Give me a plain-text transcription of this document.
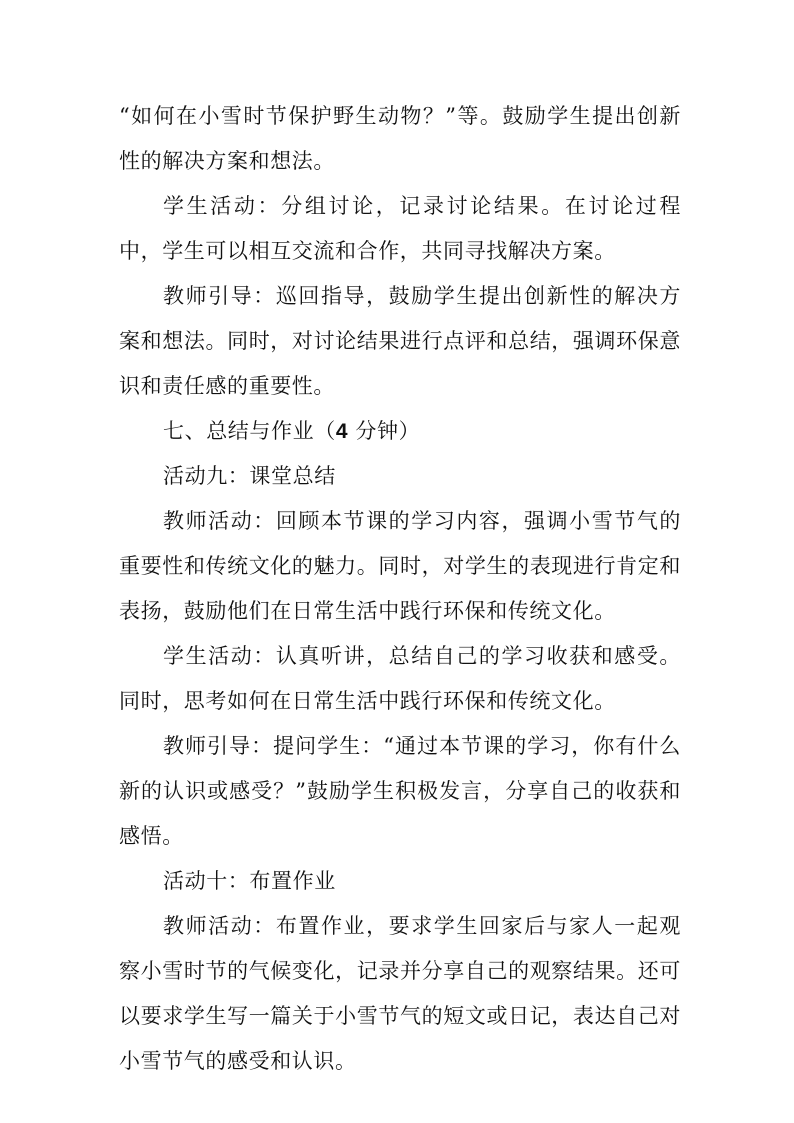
“如何在小雪时节保护野生动物？”等。鼓励学生提出创新性的解决方案和想法。

学生活动：分组讨论，记录讨论结果。在讨论过程中，学生可以相互交流和合作，共同寻找解决方案。

教师引导：巡回指导，鼓励学生提出创新性的解决方案和想法。同时，对讨论结果进行点评和总结，强调环保意识和责任感的重要性。

七、总结与作业（4 分钟）

活动九：课堂总结

教师活动：回顾本节课的学习内容，强调小雪节气的重要性和传统文化的魅力。同时，对学生的表现进行肯定和表扬，鼓励他们在日常生活中践行环保和传统文化。

学生活动：认真听讲，总结自己的学习收获和感受。同时，思考如何在日常生活中践行环保和传统文化。

教师引导：提问学生：“通过本节课的学习，你有什么新的认识或感受？”鼓励学生积极发言，分享自己的收获和感悟。

活动十：布置作业

教师活动：布置作业，要求学生回家后与家人一起观察小雪时节的气候变化，记录并分享自己的观察结果。还可以要求学生写一篇关于小雪节气的短文或日记，表达自己对小雪节气的感受和认识。
